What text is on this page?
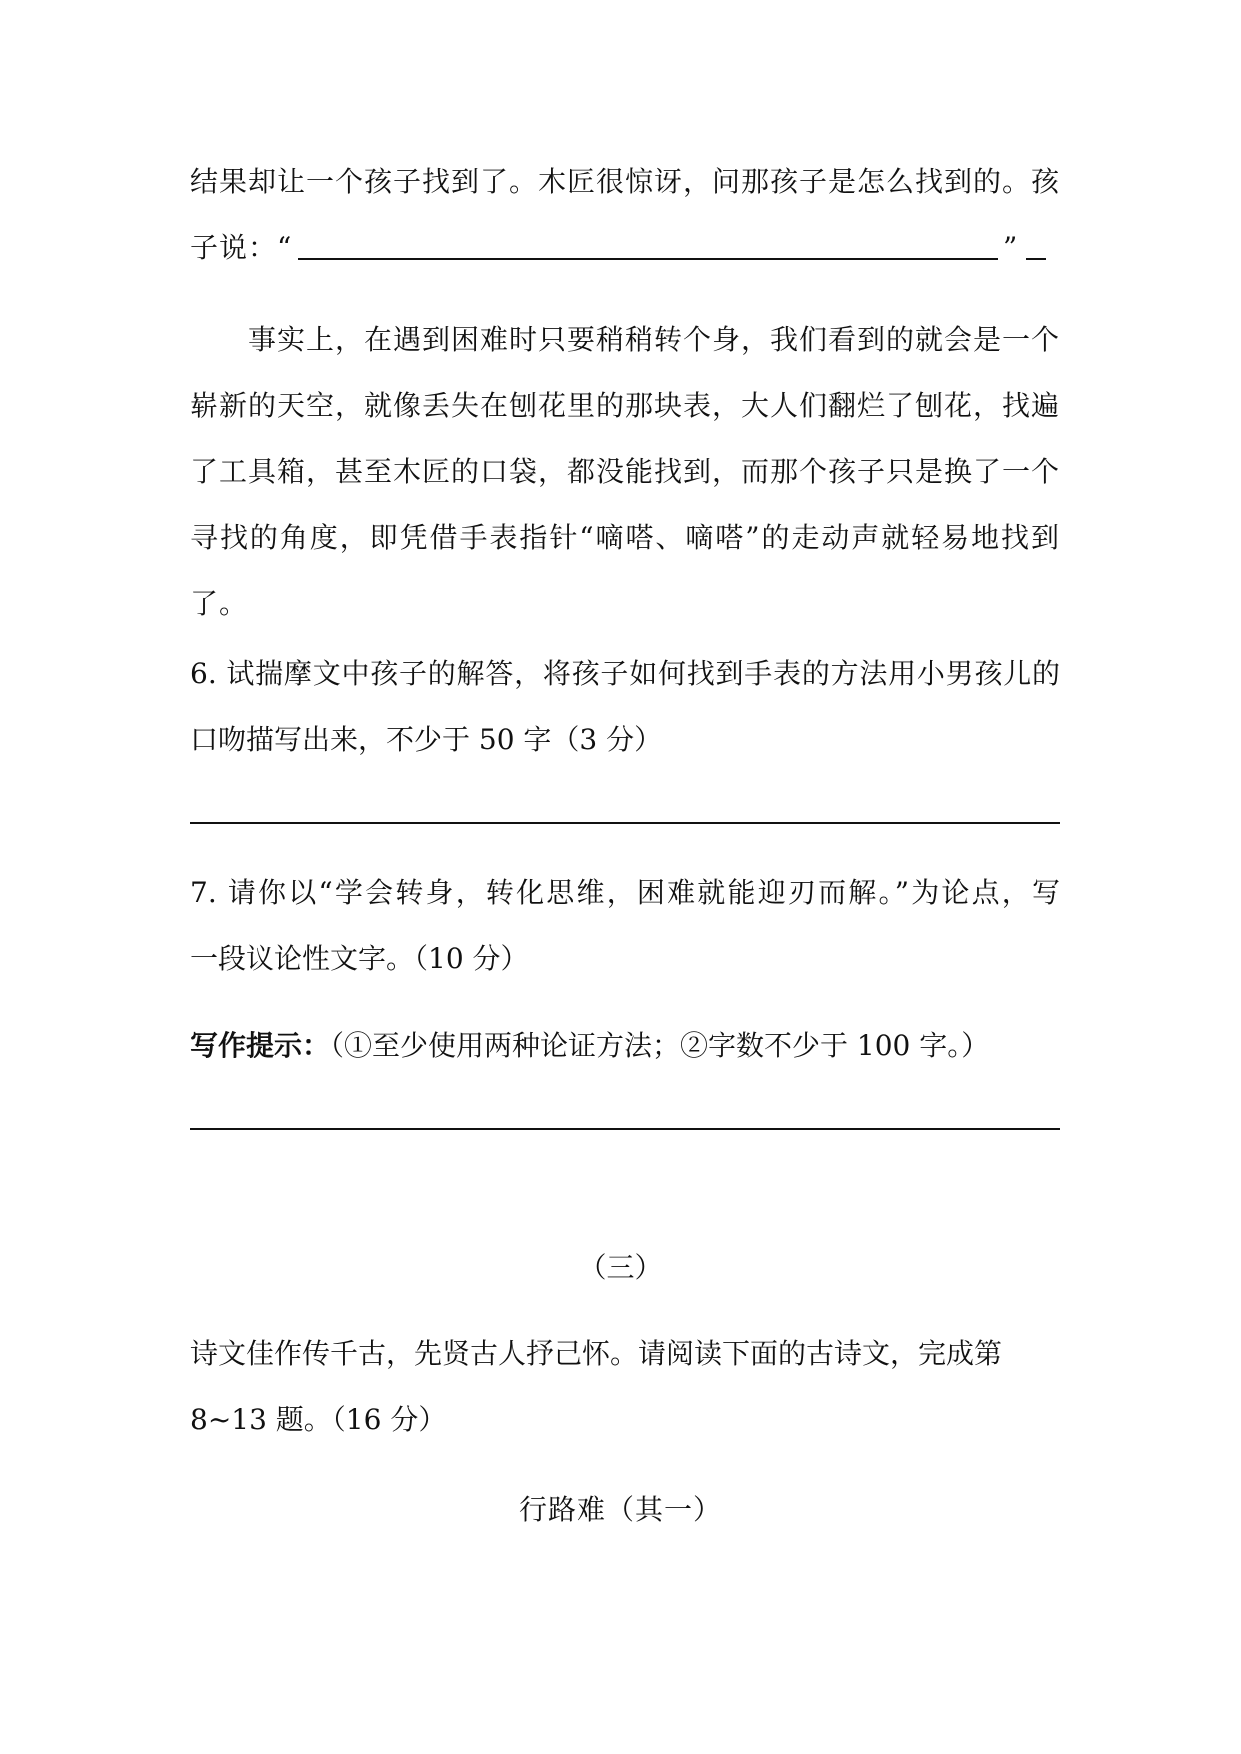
结果却让一个孩子找到了。木匠很惊讶，问那孩子是怎么找到的。孩
子说：“	”
事实上，在遇到困难时只要稍稍转个身，我们看到的就会是一个
崭新的天空，就像丢失在刨花里的那块表，大人们翻烂了刨花，找遍
了工具箱，甚至木匠的口袋，都没能找到，而那个孩子只是换了一个
寻找的角度，即凭借手表指针“嘀嗒、嘀嗒”的走动声就轻易地找到
了。
6. 试揣摩文中孩子的解答，将孩子如何找到手表的方法用小男孩儿的
口吻描写出来，不少于 50 字（3 分）
7. 请你以“学会转身，转化思维，困难就能迎刃而解。”为论点，写
一段议论性文字。（10 分）
写作提示：（①至少使用两种论证方法；②字数不少于 100 字。）
（三）
诗文佳作传千古，先贤古人抒己怀。请阅读下面的古诗文，完成第
8~13 题。（16 分）
行路难（其一）
